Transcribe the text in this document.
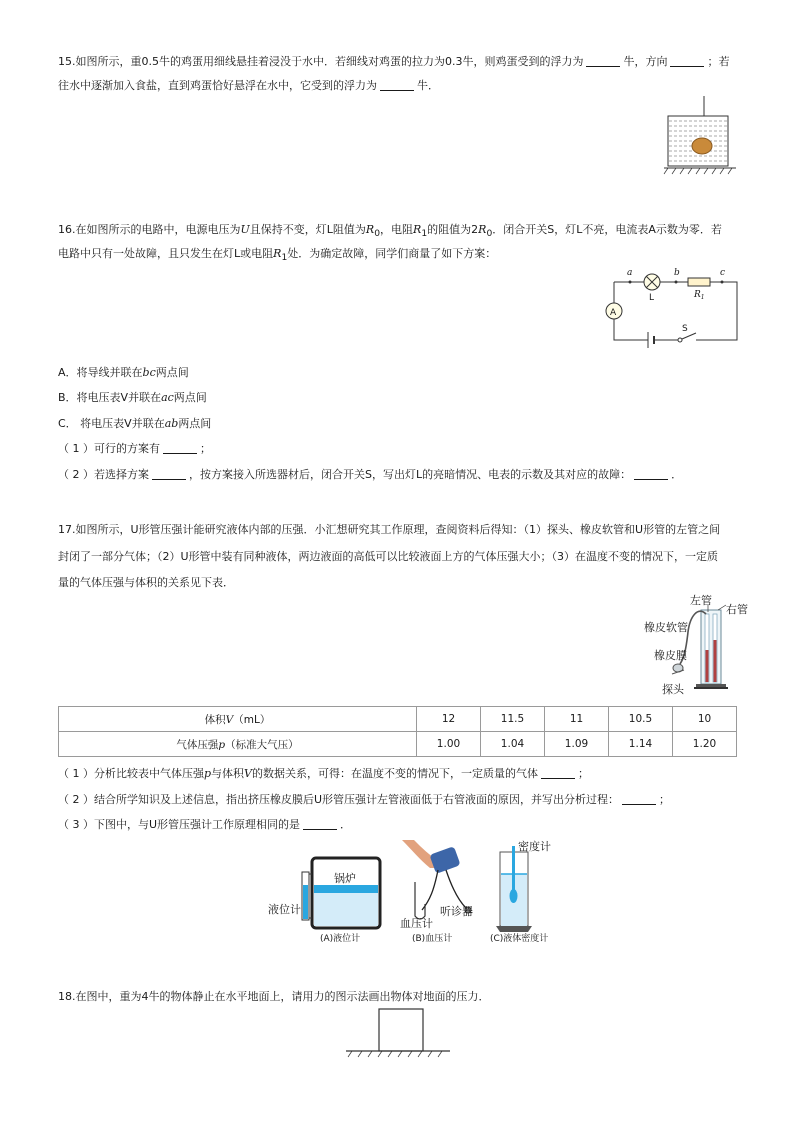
15.如图所示，重0.5牛的鸡蛋用细线悬挂着浸没于水中．若细线对鸡蛋的拉力为0.3牛，则鸡蛋受到的浮力为	牛，方向	；若
往水中逐渐加入食盐，直到鸡蛋恰好悬浮在水中，它受到的浮力为	牛．
16.在如图所示的电路中，电源电压为U且保持不变，灯L阻值为$R_0$，电阻$R_1$的阻值为$2R_0$．闭合开关S，灯L不亮，电流表A示数为零．若
电路中只有一处故障，且只发生在灯L或电阻$R_1$处．为确定故障，同学们商量了如下方案：
S
A
L	$R_1$
a	b	c
A．将导线并联在bc两点间
B．将电压表V并联在ac两点间
C． 将电压表V并联在ab两点间
（ 1 ）可行的方案有	；
（ 2 ）若选择方案	，按方案接入所选器材后，闭合开关S，写出灯L的亮暗情况、电表的示数及其对应的故障：	．
17.如图所示，U形管压强计能研究液体内部的压强．小汇想研究其工作原理，查阅资料后得知：（1）探头、橡皮软管和U形管的左管之间
封闭了一部分气体；（2）U形管中装有同种液体，两边液面的高低可以比较液面上方的气体压强大小；（3）在温度不变的情况下，一定质
量的气体压强与体积的关系见下表．
左管
右管
橡皮软管
橡皮膜
探头
体积V（mL）	12	11.5	11	10.5	10
气体压强p（标准大气压）	1.00	1.04	1.09	1.14	1.20
（ 1 ）分析比较表中气体压强p与体积V的数据关系，可得：在温度不变的情况下，一定质量的气体	；
（ 2 ）结合所学知识及上述信息，指出挤压橡皮膜后U形管压强计左管液面低于右管液面的原因，并写出分析过程：	；
（ 3 ）下图中，与U形管压强计工作原理相同的是	．
锅炉
液位计
(A)液位计
血压计
听诊器
(B)血压计
密度计
(C)液体密度计
18.在图中，重为4牛的物体静止在水平地面上，请用力的图示法画出物体对地面的压力．
